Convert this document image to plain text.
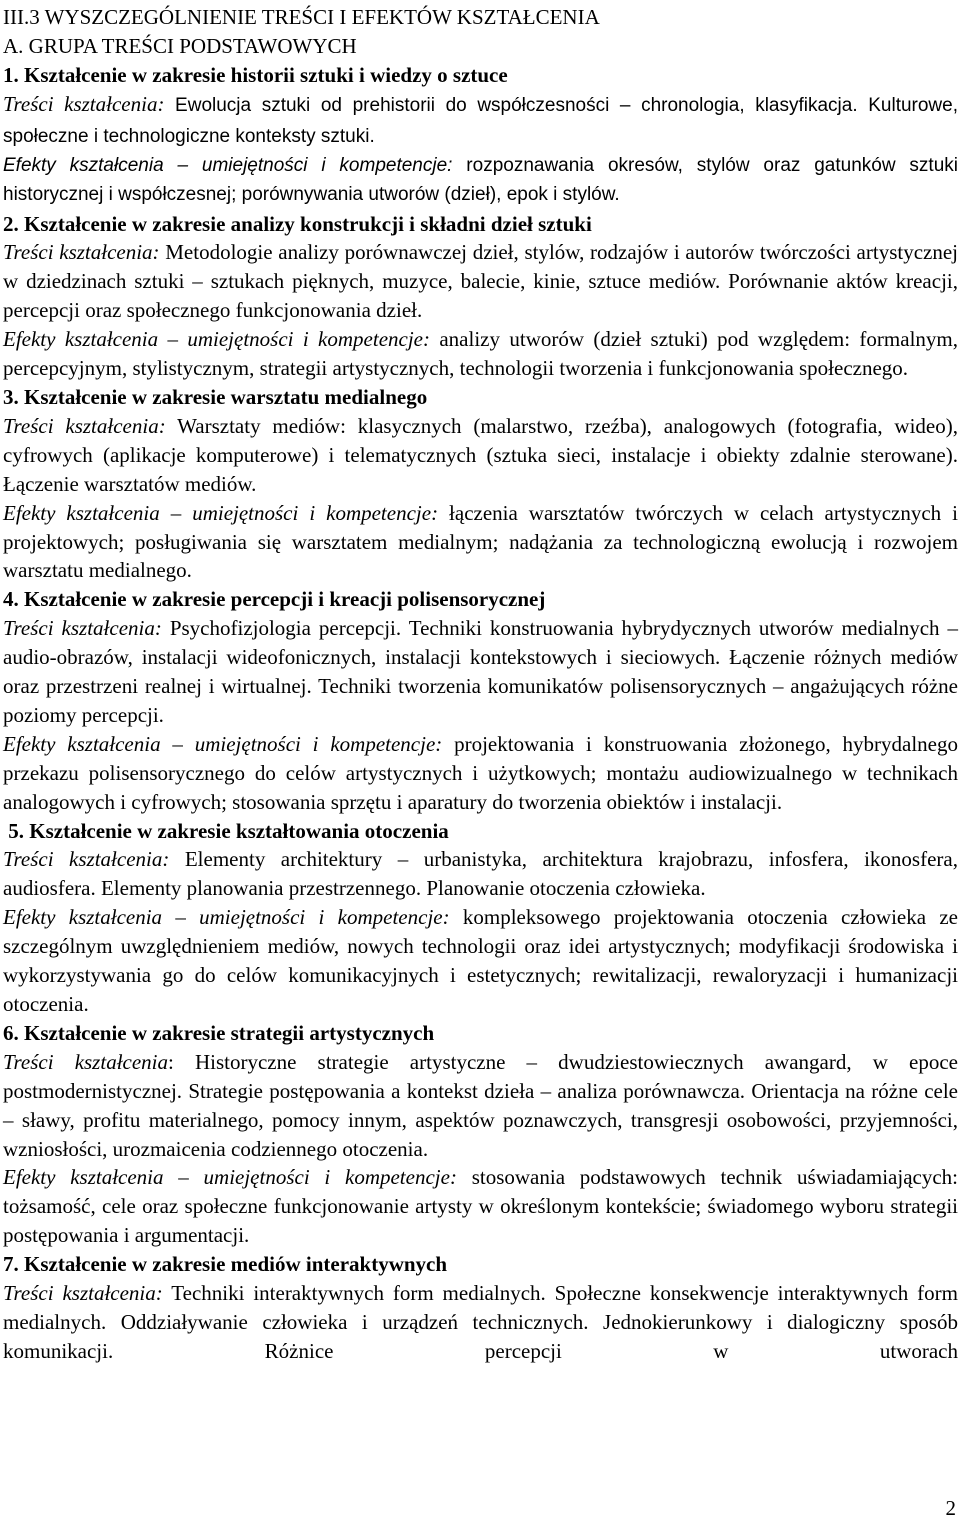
III.3 WYSZCZEGÓLNIENIE TREŚCI I EFEKTÓW KSZTAŁCENIA

A. GRUPA TREŚCI PODSTAWOWYCH

1. Kształcenie w zakresie historii sztuki i wiedzy o sztuce

Treści kształcenia: Ewolucja sztuki od prehistorii do współczesności – chronologia, klasyfikacja. Kulturowe, społeczne i technologiczne konteksty sztuki.

Efekty kształcenia – umiejętności i kompetencje: rozpoznawania okresów, stylów oraz gatunków sztuki historycznej i współczesnej; porównywania utworów (dzieł), epok i stylów.

2. Kształcenie w zakresie analizy konstrukcji i składni dzieł sztuki

Treści kształcenia: Metodologie analizy porównawczej dzieł, stylów, rodzajów i autorów twórczości artystycznej w dziedzinach sztuki – sztukach pięknych, muzyce, balecie, kinie, sztuce mediów. Porównanie aktów kreacji, percepcji oraz społecznego funkcjonowania dzieł.

Efekty kształcenia – umiejętności i kompetencje: analizy utworów (dzieł sztuki) pod względem: formalnym, percepcyjnym, stylistycznym, strategii artystycznych, technologii tworzenia i funkcjonowania społecznego.

3. Kształcenie w zakresie warsztatu medialnego

Treści kształcenia: Warsztaty mediów: klasycznych (malarstwo, rzeźba), analogowych (fotografia, wideo), cyfrowych (aplikacje komputerowe) i telematycznych (sztuka sieci, instalacje i obiekty zdalnie sterowane). Łączenie warsztatów mediów.

Efekty kształcenia – umiejętności i kompetencje: łączenia warsztatów twórczych w celach artystycznych i projektowych; posługiwania się warsztatem medialnym; nadążania za technologiczną ewolucją i rozwojem warsztatu medialnego.

4. Kształcenie w zakresie percepcji i kreacji polisensorycznej

Treści kształcenia: Psychofizjologia percepcji. Techniki konstruowania hybrydycznych utworów medialnych – audio-obrazów, instalacji wideofonicznych, instalacji kontekstowych i sieciowych. Łączenie różnych mediów oraz przestrzeni realnej i wirtualnej. Techniki tworzenia komunikatów polisensorycznych – angażujących różne poziomy percepcji.

Efekty kształcenia – umiejętności i kompetencje: projektowania i konstruowania złożonego, hybrydalnego przekazu polisensorycznego do celów artystycznych i użytkowych; montażu audiowizualnego w technikach analogowych i cyfrowych; stosowania sprzętu i aparatury do tworzenia obiektów i instalacji.

5. Kształcenie w zakresie kształtowania otoczenia

Treści kształcenia: Elementy architektury – urbanistyka, architektura krajobrazu, infosfera, ikonosfera, audiosfera. Elementy planowania przestrzennego. Planowanie otoczenia człowieka.

Efekty kształcenia – umiejętności i kompetencje: kompleksowego projektowania otoczenia człowieka ze szczególnym uwzględnieniem mediów, nowych technologii oraz idei artystycznych; modyfikacji środowiska i wykorzystywania go do celów komunikacyjnych i estetycznych; rewitalizacji, rewaloryzacji i humanizacji otoczenia.

6. Kształcenie w zakresie strategii artystycznych

Treści kształcenia: Historyczne strategie artystyczne – dwudziestowiecznych awangard, w epoce postmodernistycznej. Strategie postępowania a kontekst dzieła – analiza porównawcza. Orientacja na różne cele – sławy, profitu materialnego, pomocy innym, aspektów poznawczych, transgresji osobowości, przyjemności, wzniosłości, urozmaicenia codziennego otoczenia.

Efekty kształcenia – umiejętności i kompetencje: stosowania podstawowych technik uświadamiających: tożsamość, cele oraz społeczne funkcjonowanie artysty w określonym kontekście; świadomego wyboru strategii postępowania i argumentacji.

7. Kształcenie w zakresie mediów interaktywnych

Treści kształcenia: Techniki interaktywnych form medialnych. Społeczne konsekwencje interaktywnych form medialnych. Oddziaływanie człowieka i urządzeń technicznych. Jednokierunkowy i dialogiczny sposób komunikacji. Różnice percepcji w utworach

2
